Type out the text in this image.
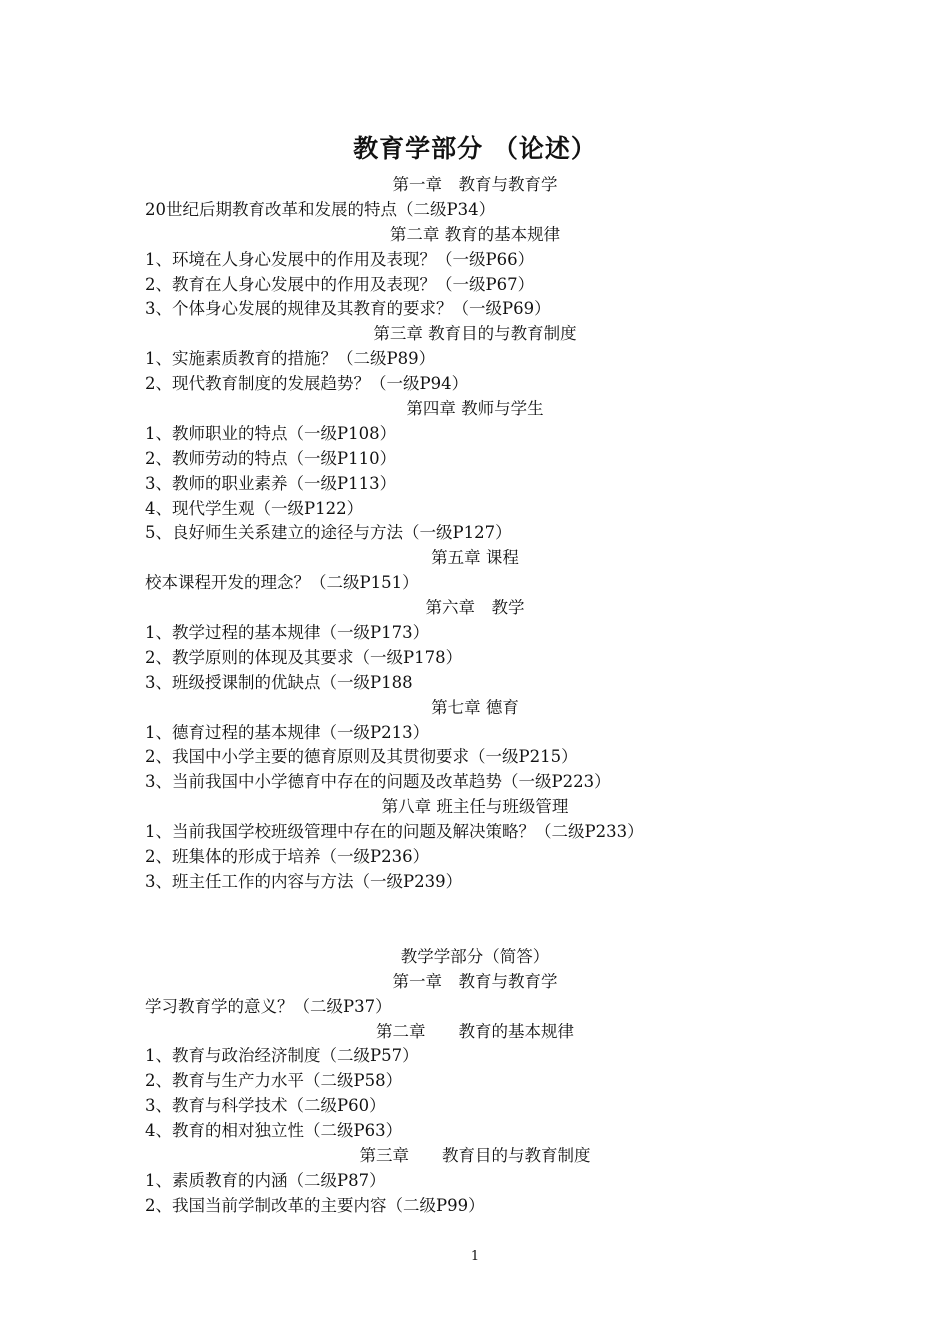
教育学部分 （论述）
第一章　教育与教育学
20世纪后期教育改革和发展的特点（二级P34）
第二章 教育的基本规律
1、环境在人身心发展中的作用及表现？（一级P66）
2、教育在人身心发展中的作用及表现？（一级P67）
3、个体身心发展的规律及其教育的要求？（一级P69）
第三章 教育目的与教育制度
1、实施素质教育的措施？（二级P89）
2、现代教育制度的发展趋势？（一级P94）
第四章 教师与学生
1、教师职业的特点（一级P108）
2、教师劳动的特点（一级P110）
3、教师的职业素养（一级P113）
4、现代学生观（一级P122）
5、良好师生关系建立的途径与方法（一级P127）
第五章 课程
校本课程开发的理念？（二级P151）
第六章　教学
1、教学过程的基本规律（一级P173）
2、教学原则的体现及其要求（一级P178）
3、班级授课制的优缺点（一级P188
第七章 德育
1、德育过程的基本规律（一级P213）
2、我国中小学主要的德育原则及其贯彻要求（一级P215）
3、当前我国中小学德育中存在的问题及改革趋势（一级P223）
第八章 班主任与班级管理
1、当前我国学校班级管理中存在的问题及解决策略？（二级P233）
2、班集体的形成于培养（一级P236）
3、班主任工作的内容与方法（一级P239）
教学学部分（简答）
第一章　教育与教育学
学习教育学的意义？（二级P37）
第二章　　教育的基本规律
1、教育与政治经济制度（二级P57）
2、教育与生产力水平（二级P58）
3、教育与科学技术（二级P60）
4、教育的相对独立性（二级P63）
第三章　　教育目的与教育制度
1、素质教育的内涵（二级P87）
2、我国当前学制改革的主要内容（二级P99）
1
